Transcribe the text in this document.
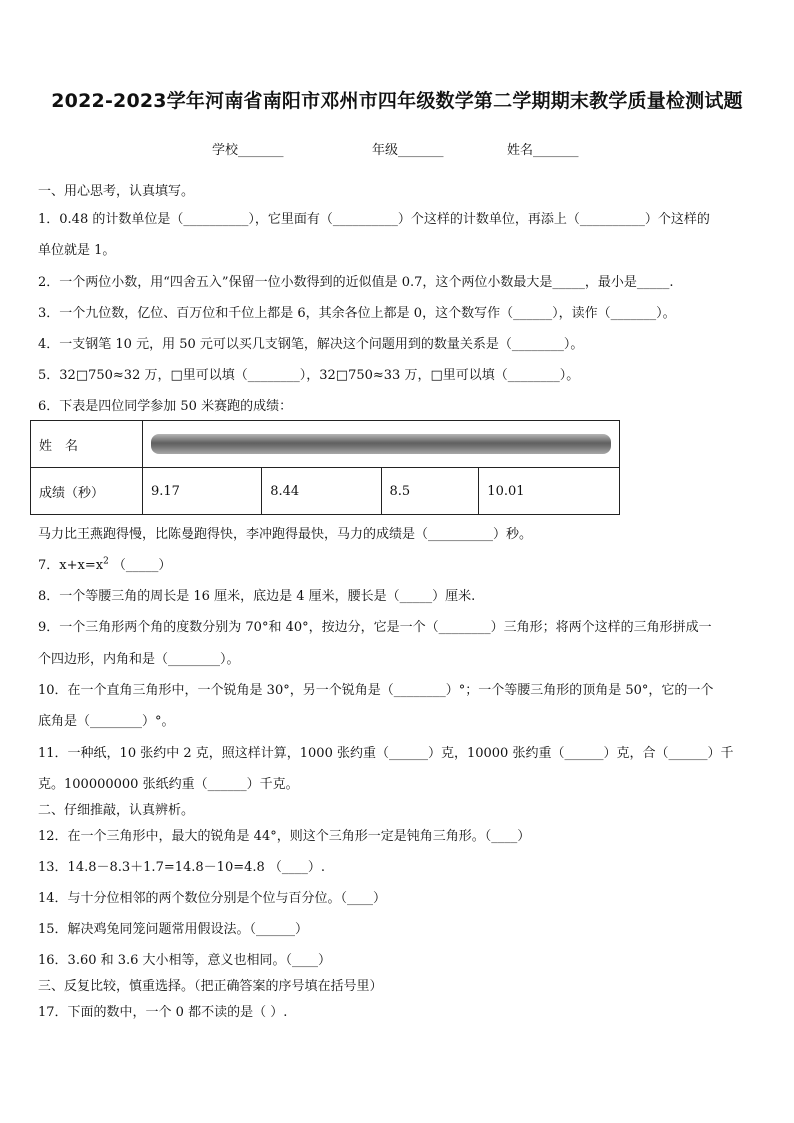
2022-2023学年河南省南阳市邓州市四年级数学第二学期期末教学质量检测试题
学校_______	年级_______	姓名_______
一、用心思考，认真填写。
1．0.48 的计数单位是（__________），它里面有（__________）个这样的计数单位，再添上（__________）个这样的
单位就是 1。
2．一个两位小数，用“四舍五入”保留一位小数得到的近似值是 0.7，这个两位小数最大是_____，最小是_____.
3．一个九位数，亿位、百万位和千位上都是 6，其余各位上都是 0，这个数写作（______），读作（_______）。
4．一支钢笔 10 元，用 50 元可以买几支钢笔，解决这个问题用到的数量关系是（________）。
5．32□750≈32 万，□里可以填（________），32□750≈33 万，□里可以填（________）。
6．下表是四位同学参加 50 米赛跑的成绩：
姓　名				

成绩（秒）	9.17	8.44	8.5	10.01
马力比王燕跑得慢，比陈曼跑得快，李冲跑得最快，马力的成绩是（__________）秒。
7．$x+x=x^2$ （_____）
8．一个等腰三角的周长是 16 厘米，底边是 4 厘米，腰长是（_____）厘米.
9．一个三角形两个角的度数分别为 70°和 40°，按边分，它是一个（________）三角形；将两个这样的三角形拼成一
个四边形，内角和是（________）。
10．在一个直角三角形中，一个锐角是 30°，另一个锐角是（________）°；一个等腰三角形的顶角是 50°，它的一个
底角是（________）°。
11．一种纸，10 张约中 2 克，照这样计算，1000 张约重（______）克，10000 张约重（______）克，合（______）千
克。100000000 张纸约重（______）千克。
二、仔细推敲，认真辨析。
12．在一个三角形中，最大的锐角是 44°，则这个三角形一定是钝角三角形。（____）
13．14.8－8.3＋1.7=14.8－10=4.8 （____）.
14．与十分位相邻的两个数位分别是个位与百分位。（____）
15．解决鸡兔同笼问题常用假设法。（______）
16．3.60 和 3.6 大小相等，意义也相同。（____）
三、反复比较，慎重选择。（把正确答案的序号填在括号里）
17．下面的数中，一个 0 都不读的是（ ）.
